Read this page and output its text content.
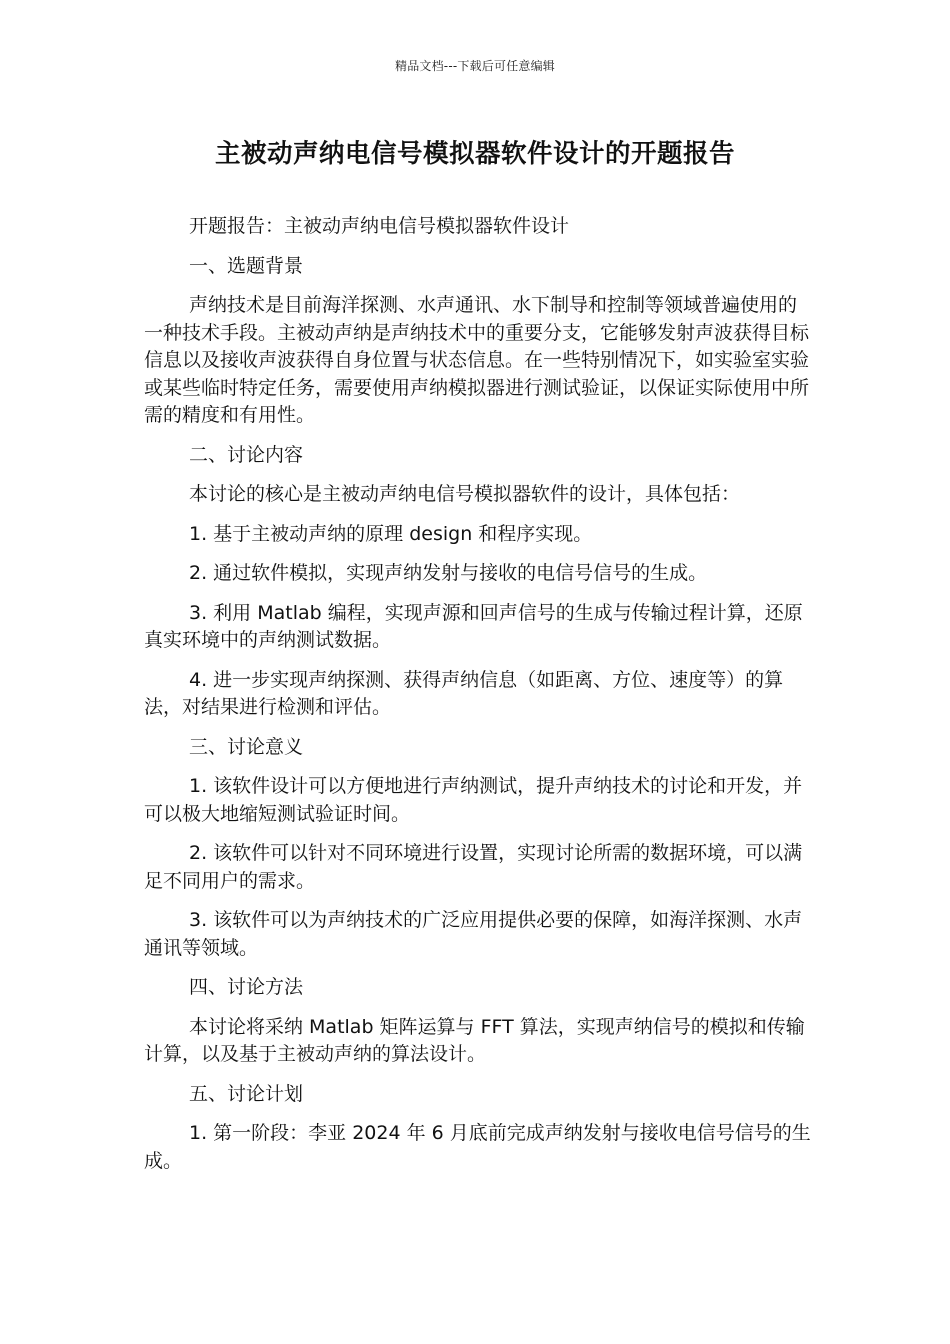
精品文档---下载后可任意编辑
主被动声纳电信号模拟器软件设计的开题报告

开题报告：主被动声纳电信号模拟器软件设计

一、选题背景

声纳技术是目前海洋探测、水声通讯、水下制导和控制等领域普遍使用的一种技术手段。主被动声纳是声纳技术中的重要分支，它能够发射声波获得目标信息以及接收声波获得自身位置与状态信息。在一些特别情况下，如实验室实验或某些临时特定任务，需要使用声纳模拟器进行测试验证，以保证实际使用中所需的精度和有用性。

二、讨论内容

本讨论的核心是主被动声纳电信号模拟器软件的设计，具体包括：

1. 基于主被动声纳的原理 design 和程序实现。

2. 通过软件模拟，实现声纳发射与接收的电信号信号的生成。

3. 利用 Matlab 编程，实现声源和回声信号的生成与传输过程计算，还原真实环境中的声纳测试数据。

4. 进一步实现声纳探测、获得声纳信息（如距离、方位、速度等）的算法，对结果进行检测和评估。

三、讨论意义

1. 该软件设计可以方便地进行声纳测试，提升声纳技术的讨论和开发，并可以极大地缩短测试验证时间。

2. 该软件可以针对不同环境进行设置，实现讨论所需的数据环境，可以满足不同用户的需求。

3. 该软件可以为声纳技术的广泛应用提供必要的保障，如海洋探测、水声通讯等领域。

四、讨论方法

本讨论将采纳 Matlab 矩阵运算与 FFT 算法，实现声纳信号的模拟和传输计算，以及基于主被动声纳的算法设计。

五、讨论计划

1. 第一阶段：李亚 2024 年 6 月底前完成声纳发射与接收电信号信号的生成。
